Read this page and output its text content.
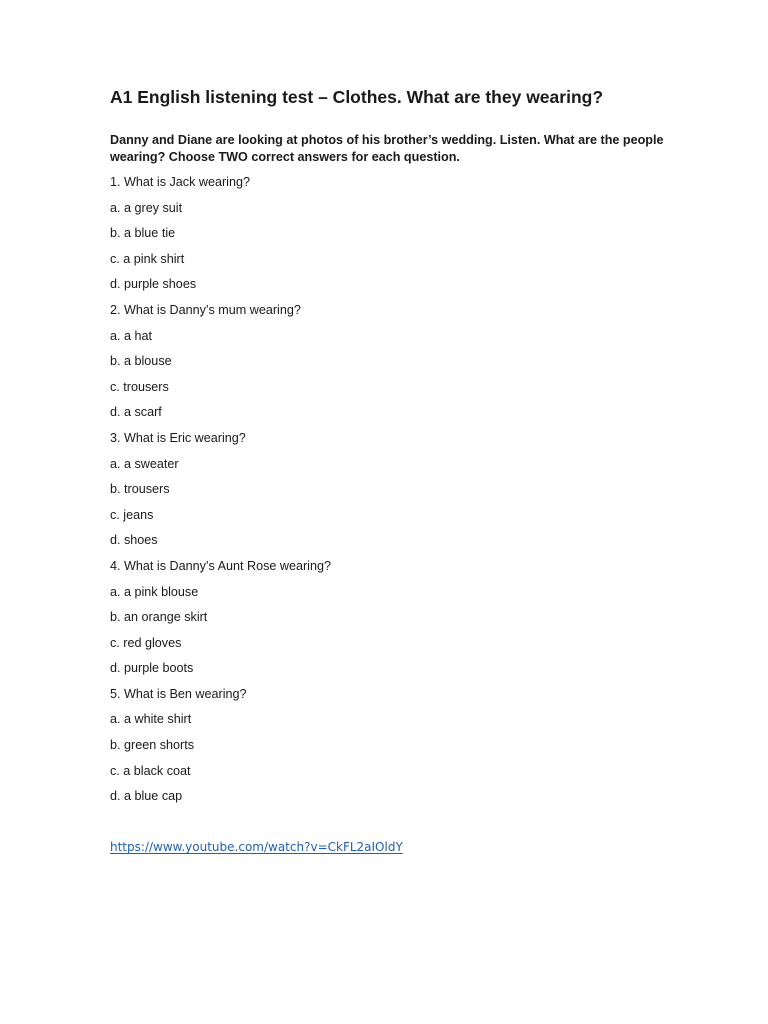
A1 English listening test – Clothes. What are they wearing?

Danny and Diane are looking at photos of his brother’s wedding. Listen. What are the people wearing? Choose TWO correct answers for each question.

1. What is Jack wearing?
a. a grey suit
b. a blue tie
c. a pink shirt
d. purple shoes
2. What is Danny’s mum wearing?
a. a hat
b. a blouse
c. trousers
d. a scarf
3. What is Eric wearing?
a. a sweater
b. trousers
c. jeans
d. shoes
4. What is Danny’s Aunt Rose wearing?
a. a pink blouse
b. an orange skirt
c. red gloves
d. purple boots
5. What is Ben wearing?
a. a white shirt
b. green shorts
c. a black coat
d. a blue cap
https://www.youtube.com/watch?v=CkFL2aIOldY
